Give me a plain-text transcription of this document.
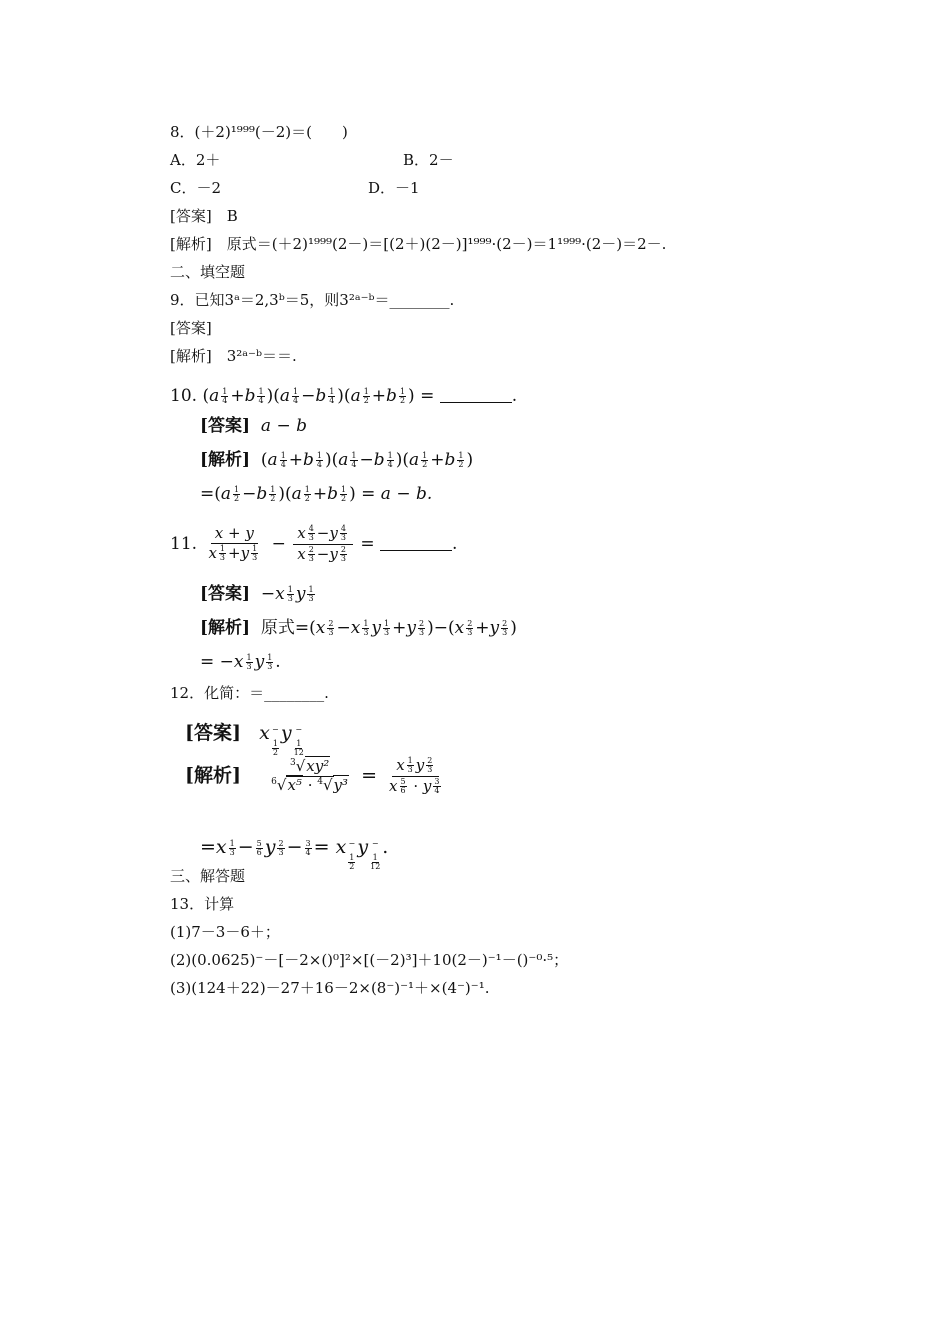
8．(＋2)¹⁹⁹⁹(－2)＝(　　)
A．2＋	B．2－
C．－2	D．－1
[答案]　B
[解析]　原式＝(＋2)¹⁹⁹⁹(2－)＝[(2＋)(2－)]¹⁹⁹⁹·(2－)＝1¹⁹⁹⁹·(2－)＝2－.
二、填空题
9．已知3ᵃ＝2,3ᵇ＝5，则3²ᵃ⁻ᵇ＝________.
[答案]
[解析]　3²ᵃ⁻ᵇ＝＝.
10. $(a \frac{1}{4} +b \frac{1}{4} )(a \frac{1}{4} -b \frac{1}{4} )(a \frac{1}{2} +b \frac{1}{2}$ ) =	.
[答案] a − b
[解析]  $(a \frac{1}{4} +b \frac{1}{4} )(a \frac{1}{4} -b \frac{1}{4} )(a \frac{1}{2} +b \frac{1}{2}$ )
$=(a \frac{1}{2} -b \frac{1}{2} )(a \frac{1}{2} +b \frac{1}{2}$ ) = a − b.
11. $\frac{x + y}{x \frac{1}{3} +y \frac{1}{3}} - \frac{x \frac{4}{3} -y \frac{4}{3}}{x \frac{2}{3} -y \frac{2}{3}}$ =	.
[答案]  $-x \frac{1}{3}$ y $\frac{1}{3}$
[解析] 原式$=(x \frac{2}{3} -x \frac{1}{3}$ y $\frac{1}{3} +y \frac{2}{3} )-(x \frac{2}{3} +y \frac{2}{3}$ )
= $-x \frac{1}{3}$ y $\frac{1}{3}$ .
12．化简：＝________.
[答案] x −
1
2
y −
1
12
[解析]	$\frac{^3√xy^2}{^6√x^5 \cdot ^4√y^3} = \frac{x \frac{1}{3} y \frac{2}{3}}{x \frac{5}{6} \cdot y \frac{3}{4}}$
$=x \frac{1}{3} - \frac{5}{6}$ y $\frac{2}{3} - \frac{3}{4} = x$ −
1
2
y −
1
12
.
三、解答题
13．计算
(1)7－3－6＋；
(2)(0.0625)⁻－[－2×()⁰]²×[(－2)³]＋10(2－)⁻¹－()⁻⁰·⁵；
(3)(124＋22)－27＋16－2×(8⁻)⁻¹＋×(4⁻)⁻¹.
